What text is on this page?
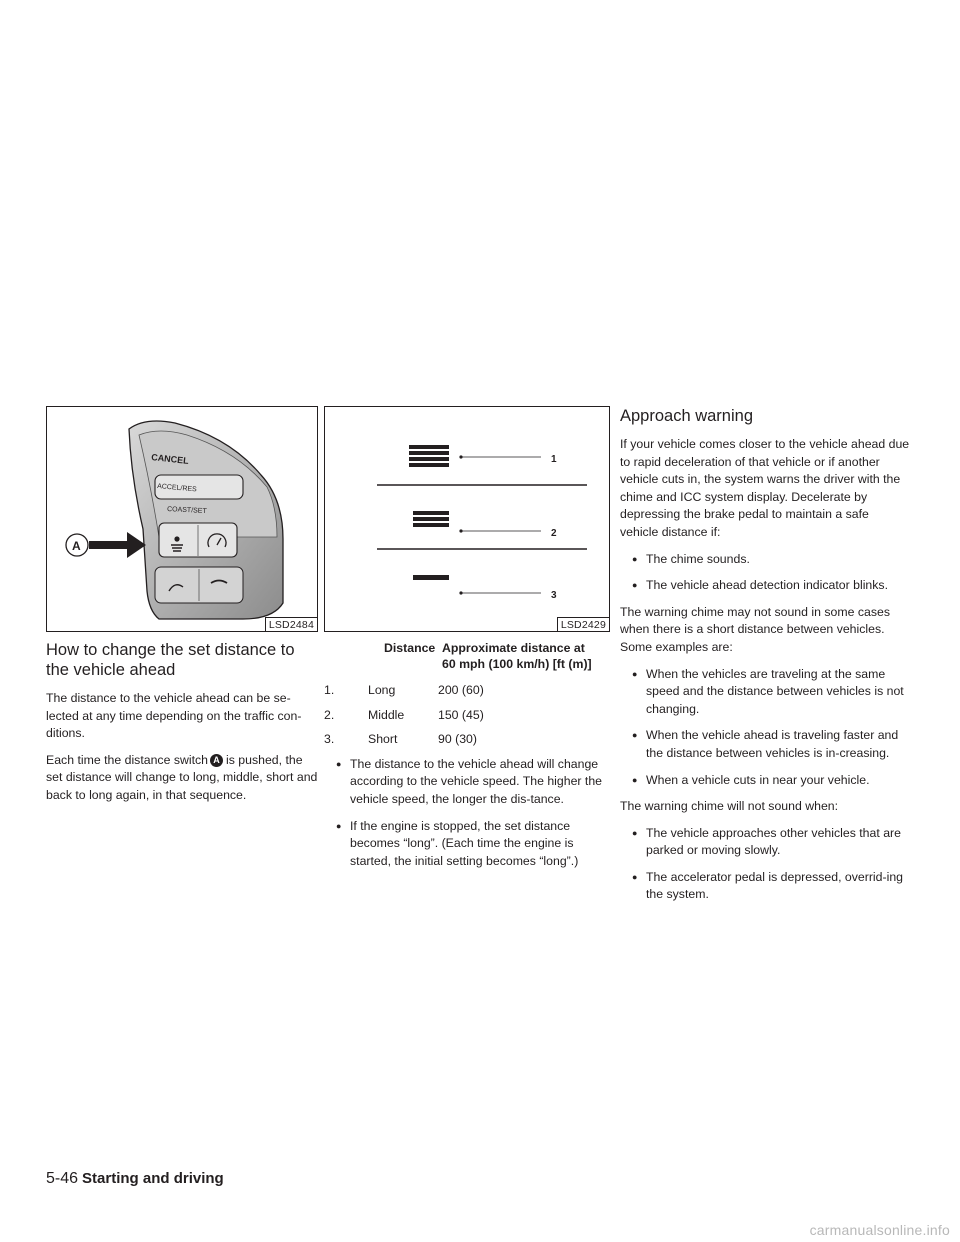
CANCEL
ACCEL/RES
COAST/SET
A
LSD2484
How to change the set distance to the vehicle ahead

The distance to the vehicle ahead can be se-lected at any time depending on the traffic con-ditions.

Each time the distance switch A is pushed, the set distance will change to long, middle, short and back to long again, in that sequence.

1
2
3
LSD2429
Distance Approximate distance at 60 mph (100 km/h) [ft (m)]
1.	Long	200 (60)
2.	Middle	150 (45)
3.	Short	90 (30)
● The distance to the vehicle ahead will change according to the vehicle speed. The higher the vehicle speed, the longer the dis-tance.
● If the engine is stopped, the set distance becomes “long”. (Each time the engine is started, the initial setting becomes “long”.)
Approach warning

If your vehicle comes closer to the vehicle ahead due to rapid deceleration of that vehicle or if another vehicle cuts in, the system warns the driver with the chime and ICC system display. Decelerate by depressing the brake pedal to maintain a safe vehicle distance if:

● The chime sounds.
● The vehicle ahead detection indicator blinks.

The warning chime may not sound in some cases when there is a short distance between vehicles. Some examples are:

● When the vehicles are traveling at the same speed and the distance between vehicles is not changing.
● When the vehicle ahead is traveling faster and the distance between vehicles is in-creasing.
● When a vehicle cuts in near your vehicle.

The warning chime will not sound when:

● The vehicle approaches other vehicles that are parked or moving slowly.
● The accelerator pedal is depressed, overrid-ing the system.
5-46 Starting and driving
carmanualsonline.info
